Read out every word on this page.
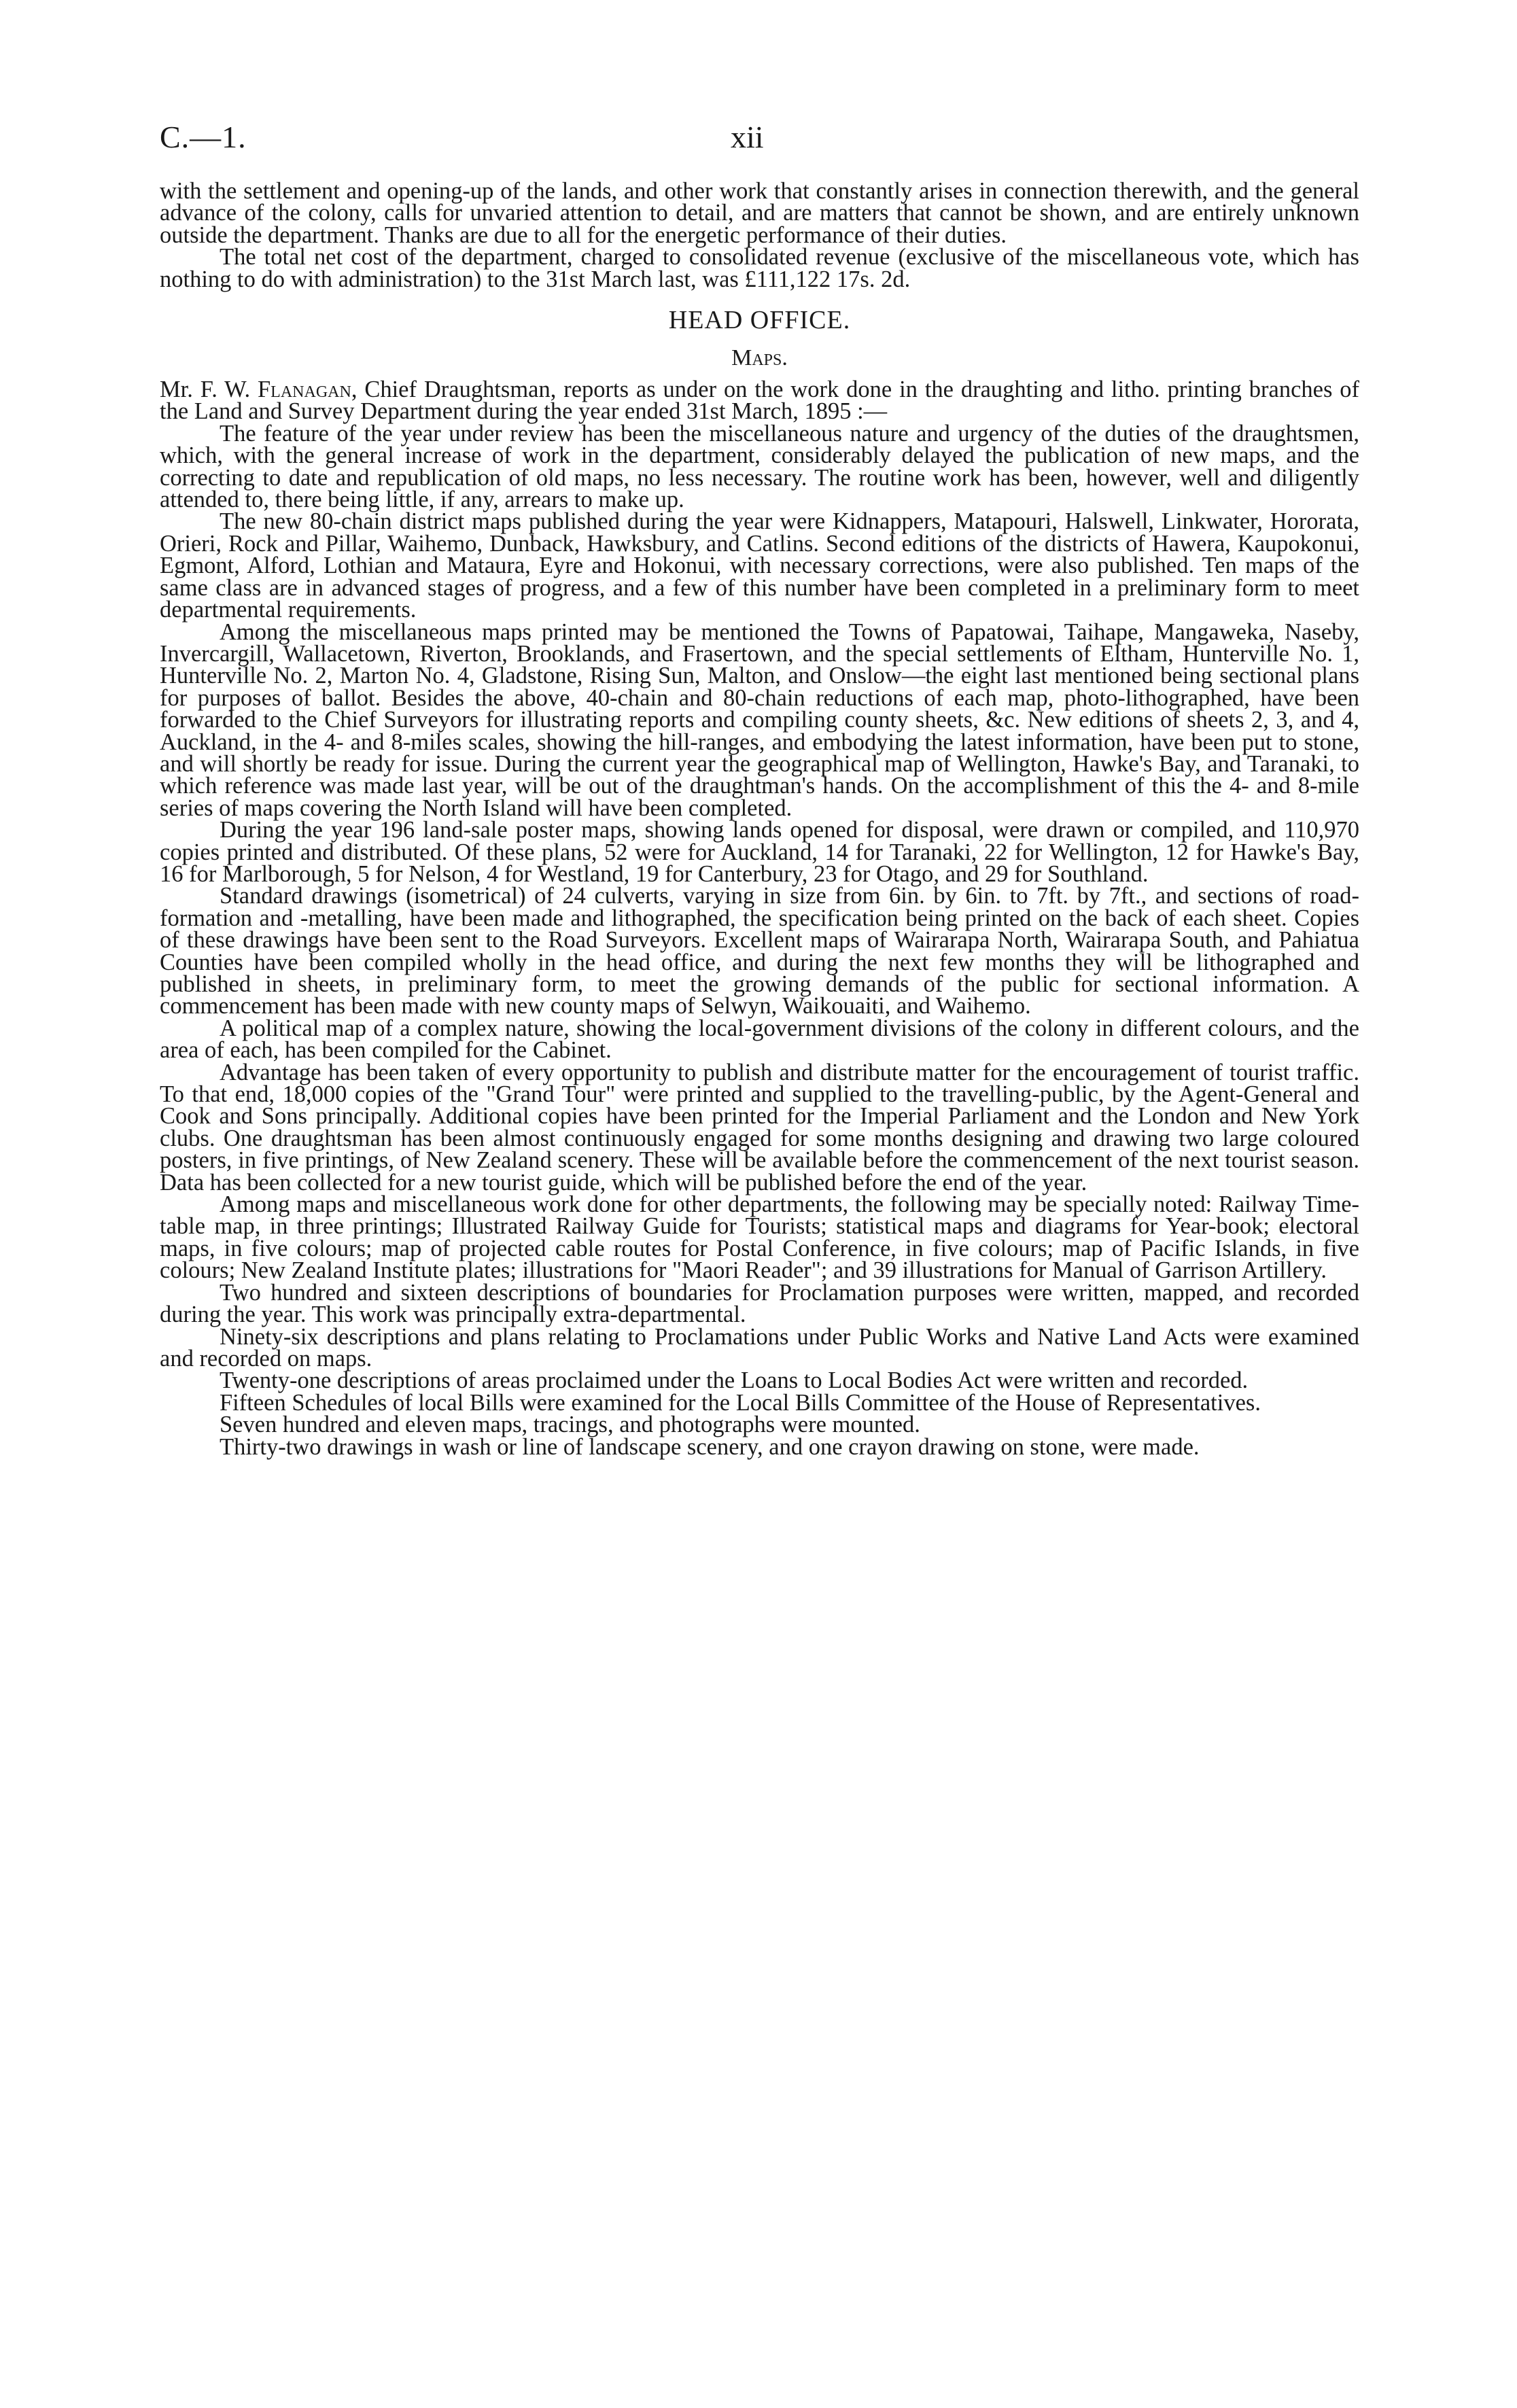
C.—1.	xii

with the settlement and opening-up of the lands, and other work that constantly arises in connection therewith, and the general advance of the colony, calls for unvaried attention to detail, and are matters that cannot be shown, and are entirely unknown outside the department. Thanks are due to all for the energetic performance of their duties.

The total net cost of the department, charged to consolidated revenue (exclusive of the miscellaneous vote, which has nothing to do with administration) to the 31st March last, was £111,122 17s. 2d.

HEAD OFFICE.
Maps.

Mr. F. W. Flanagan, Chief Draughtsman, reports as under on the work done in the draughting and litho. printing branches of the Land and Survey Department during the year ended 31st March, 1895 :—

The feature of the year under review has been the miscellaneous nature and urgency of the duties of the draughtsmen, which, with the general increase of work in the department, considerably delayed the publication of new maps, and the correcting to date and republication of old maps, no less necessary. The routine work has been, however, well and diligently attended to, there being little, if any, arrears to make up.

The new 80-chain district maps published during the year were Kidnappers, Matapouri, Halswell, Linkwater, Hororata, Orieri, Rock and Pillar, Waihemo, Dunback, Hawksbury, and Catlins. Second editions of the districts of Hawera, Kaupokonui, Egmont, Alford, Lothian and Mataura, Eyre and Hokonui, with necessary corrections, were also published. Ten maps of the same class are in advanced stages of progress, and a few of this number have been completed in a preliminary form to meet departmental requirements.

Among the miscellaneous maps printed may be mentioned the Towns of Papatowai, Taihape, Mangaweka, Naseby, Invercargill, Wallacetown, Riverton, Brooklands, and Frasertown, and the special settlements of Eltham, Hunterville No. 1, Hunterville No. 2, Marton No. 4, Gladstone, Rising Sun, Malton, and Onslow—the eight last mentioned being sectional plans for purposes of ballot. Besides the above, 40-chain and 80-chain reductions of each map, photo-lithographed, have been forwarded to the Chief Surveyors for illustrating reports and compiling county sheets, &c. New editions of sheets 2, 3, and 4, Auckland, in the 4- and 8-miles scales, showing the hill-ranges, and embodying the latest information, have been put to stone, and will shortly be ready for issue. During the current year the geographical map of Wellington, Hawke's Bay, and Taranaki, to which reference was made last year, will be out of the draughtman's hands. On the accomplishment of this the 4- and 8-mile series of maps covering the North Island will have been completed.

During the year 196 land-sale poster maps, showing lands opened for disposal, were drawn or compiled, and 110,970 copies printed and distributed. Of these plans, 52 were for Auckland, 14 for Taranaki, 22 for Wellington, 12 for Hawke's Bay, 16 for Marlborough, 5 for Nelson, 4 for Westland, 19 for Canterbury, 23 for Otago, and 29 for Southland.

Standard drawings (isometrical) of 24 culverts, varying in size from 6in. by 6in. to 7ft. by 7ft., and sections of road-formation and -metalling, have been made and lithographed, the specification being printed on the back of each sheet. Copies of these drawings have been sent to the Road Surveyors. Excellent maps of Wairarapa North, Wairarapa South, and Pahiatua Counties have been compiled wholly in the head office, and during the next few months they will be lithographed and published in sheets, in preliminary form, to meet the growing demands of the public for sectional information. A commencement has been made with new county maps of Selwyn, Waikouaiti, and Waihemo.

A political map of a complex nature, showing the local-government divisions of the colony in different colours, and the area of each, has been compiled for the Cabinet.

Advantage has been taken of every opportunity to publish and distribute matter for the encouragement of tourist traffic. To that end, 18,000 copies of the "Grand Tour" were printed and supplied to the travelling-public, by the Agent-General and Cook and Sons principally. Additional copies have been printed for the Imperial Parliament and the London and New York clubs. One draughtsman has been almost continuously engaged for some months designing and drawing two large coloured posters, in five printings, of New Zealand scenery. These will be available before the commencement of the next tourist season. Data has been collected for a new tourist guide, which will be published before the end of the year.

Among maps and miscellaneous work done for other departments, the following may be specially noted: Railway Time-table map, in three printings; Illustrated Railway Guide for Tourists; statistical maps and diagrams for Year-book; electoral maps, in five colours; map of projected cable routes for Postal Conference, in five colours; map of Pacific Islands, in five colours; New Zealand Institute plates; illustrations for "Maori Reader"; and 39 illustrations for Manual of Garrison Artillery.

Two hundred and sixteen descriptions of boundaries for Proclamation purposes were written, mapped, and recorded during the year. This work was principally extra-departmental.

Ninety-six descriptions and plans relating to Proclamations under Public Works and Native Land Acts were examined and recorded on maps.

Twenty-one descriptions of areas proclaimed under the Loans to Local Bodies Act were written and recorded.

Fifteen Schedules of local Bills were examined for the Local Bills Committee of the House of Representatives.

Seven hundred and eleven maps, tracings, and photographs were mounted.

Thirty-two drawings in wash or line of landscape scenery, and one crayon drawing on stone, were made.
